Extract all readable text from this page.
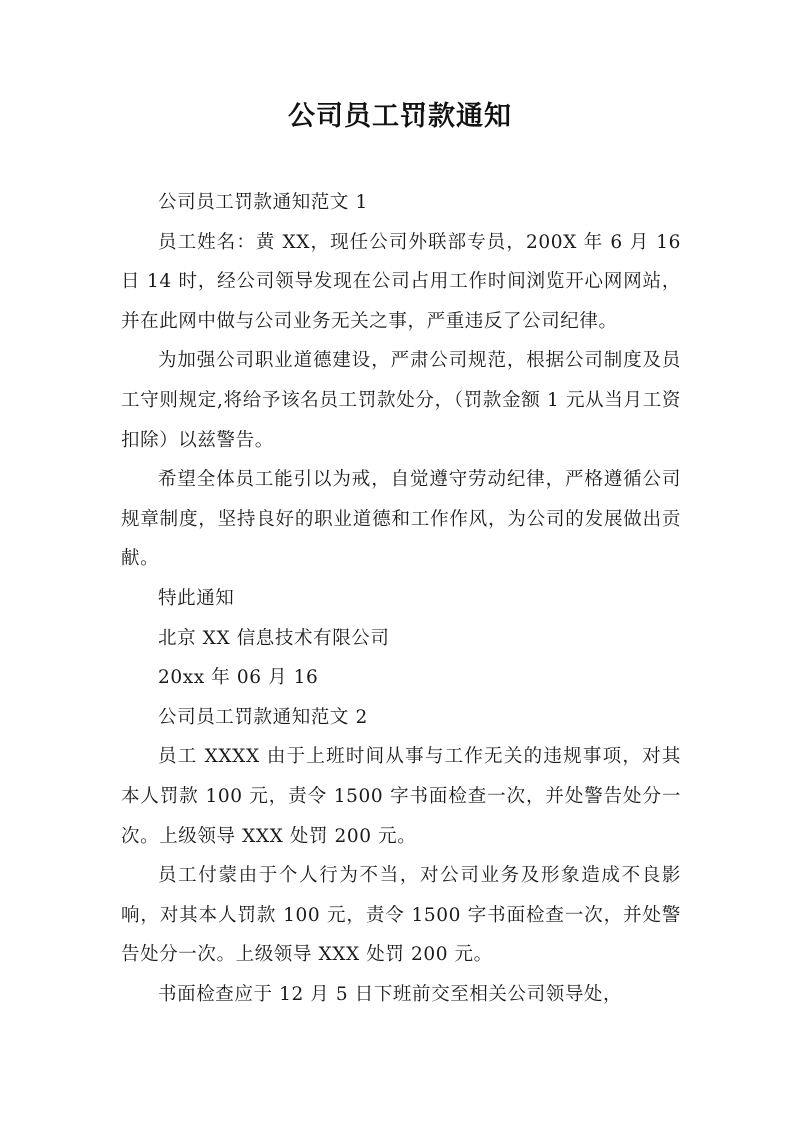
公司员工罚款通知

公司员工罚款通知范文 1

员工姓名：黄 XX，现任公司外联部专员，200X 年 6 月 16 日 14 时，经公司领导发现在公司占用工作时间浏览开心网网站，并在此网中做与公司业务无关之事，严重违反了公司纪律。

为加强公司职业道德建设，严肃公司规范，根据公司制度及员工守则规定,将给予该名员工罚款处分，（罚款金额 1 元从当月工资扣除）以兹警告。

希望全体员工能引以为戒，自觉遵守劳动纪律，严格遵循公司规章制度，坚持良好的职业道德和工作作风，为公司的发展做出贡献。

特此通知

北京 XX 信息技术有限公司

20xx 年 06 月 16

公司员工罚款通知范文 2

员工 XXXX 由于上班时间从事与工作无关的违规事项，对其本人罚款 100 元，责令 1500 字书面检查一次，并处警告处分一次。上级领导 XXX 处罚 200 元。

员工付蒙由于个人行为不当，对公司业务及形象造成不良影响，对其本人罚款 100 元，责令 1500 字书面检查一次，并处警告处分一次。上级领导 XXX 处罚 200 元。

书面检查应于 12 月 5 日下班前交至相关公司领导处，
